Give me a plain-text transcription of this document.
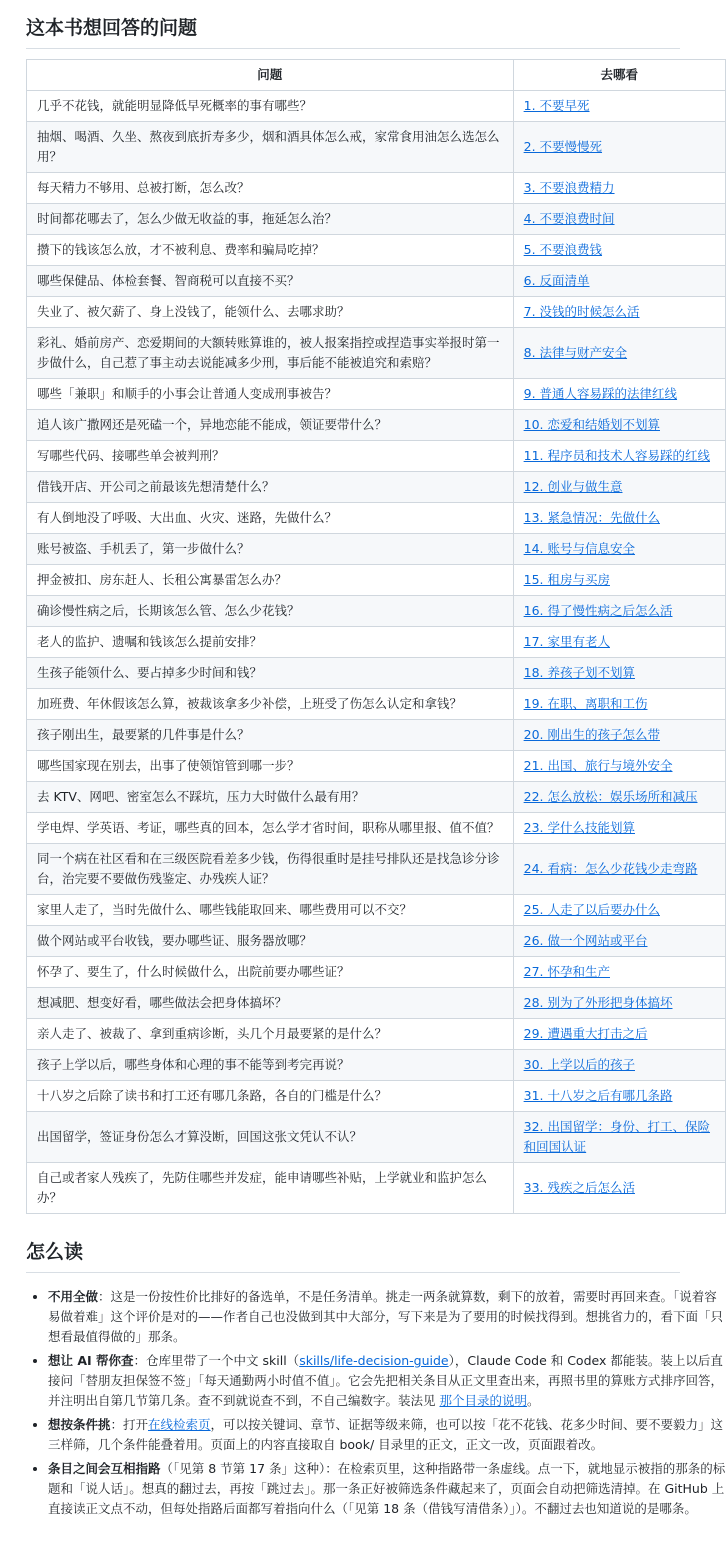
这本书想回答的问题
问题	去哪看
几乎不花钱，就能明显降低早死概率的事有哪些？	1. 不要早死
抽烟、喝酒、久坐、熬夜到底折寿多少，烟和酒具体怎么戒，家常食用油怎么选怎么用？	2. 不要慢慢死
每天精力不够用、总被打断，怎么改？	3. 不要浪费精力
时间都花哪去了，怎么少做无收益的事，拖延怎么治？	4. 不要浪费时间
攒下的钱该怎么放，才不被利息、费率和骗局吃掉？	5. 不要浪费钱
哪些保健品、体检套餐、智商税可以直接不买？	6. 反面清单
失业了、被欠薪了、身上没钱了，能领什么、去哪求助？	7. 没钱的时候怎么活
彩礼、婚前房产、恋爱期间的大额转账算谁的，被人报案指控或捏造事实举报时第一步做什么，自己惹了事主动去说能减多少刑，事后能不能被追究和索赔？	8. 法律与财产安全
哪些「兼职」和顺手的小事会让普通人变成刑事被告？	9. 普通人容易踩的法律红线
追人该广撒网还是死磕一个，异地恋能不能成，领证要带什么？	10. 恋爱和结婚划不划算
写哪些代码、接哪些单会被判刑？	11. 程序员和技术人容易踩的红线
借钱开店、开公司之前最该先想清楚什么？	12. 创业与做生意
有人倒地没了呼吸、大出血、火灾、迷路，先做什么？	13. 紧急情况：先做什么
账号被盗、手机丢了，第一步做什么？	14. 账号与信息安全
押金被扣、房东赶人、长租公寓暴雷怎么办？	15. 租房与买房
确诊慢性病之后，长期该怎么管、怎么少花钱？	16. 得了慢性病之后怎么活
老人的监护、遗嘱和钱该怎么提前安排？	17. 家里有老人
生孩子能领什么、要占掉多少时间和钱？	18. 养孩子划不划算
加班费、年休假该怎么算，被裁该拿多少补偿，上班受了伤怎么认定和拿钱？	19. 在职、离职和工伤
孩子刚出生，最要紧的几件事是什么？	20. 刚出生的孩子怎么带
哪些国家现在别去，出事了使领馆管到哪一步？	21. 出国、旅行与境外安全
去 KTV、网吧、密室怎么不踩坑，压力大时做什么最有用？	22. 怎么放松：娱乐场所和减压
学电焊、学英语、考证，哪些真的回本，怎么学才省时间，职称从哪里报、值不值？	23. 学什么技能划算
同一个病在社区看和在三级医院看差多少钱，伤得很重时是挂号排队还是找急诊分诊台，治完要不要做伤残鉴定、办残疾人证？	24. 看病：怎么少花钱少走弯路
家里人走了，当时先做什么、哪些钱能取回来、哪些费用可以不交？	25. 人走了以后要办什么
做个网站或平台收钱，要办哪些证、服务器放哪？	26. 做一个网站或平台
怀孕了、要生了，什么时候做什么，出院前要办哪些证？	27. 怀孕和生产
想减肥、想变好看，哪些做法会把身体搞坏？	28. 别为了外形把身体搞坏
亲人走了、被裁了、拿到重病诊断，头几个月最要紧的是什么？	29. 遭遇重大打击之后
孩子上学以后，哪些身体和心理的事不能等到考完再说？	30. 上学以后的孩子
十八岁之后除了读书和打工还有哪几条路，各自的门槛是什么？	31. 十八岁之后有哪几条路
出国留学，签证身份怎么才算没断，回国这张文凭认不认？	32. 出国留学：身份、打工、保险和回国认证
自己或者家人残疾了，先防住哪些并发症，能申请哪些补贴，上学就业和监护怎么办？	33. 残疾之后怎么活
怎么读
• 不用全做：这是一份按性价比排好的备选单，不是任务清单。挑走一两条就算数，剩下的放着，需要时再回来查。「说着容易做着难」这个评价是对的——作者自己也没做到其中大部分，写下来是为了要用的时候找得到。想挑省力的，看下面「只想看最值得做的」那条。
• 想让 AI 帮你查：仓库里带了一个中文 skill（skills/life-decision-guide），Claude Code 和 Codex 都能装。装上以后直接问「替朋友担保签不签」「每天通勤两小时值不值」。它会先把相关条目从正文里查出来，再照书里的算账方式排序回答，并注明出自第几节第几条。查不到就说查不到，不自己编数字。装法见 那个目录的说明。
• 想按条件挑：打开在线检索页，可以按关键词、章节、证据等级来筛，也可以按「花不花钱、花多少时间、要不要毅力」这三样筛，几个条件能叠着用。页面上的内容直接取自 book/ 目录里的正文，正文一改，页面跟着改。
• 条目之间会互相指路（「见第 8 节第 17 条」这种）：在检索页里，这种指路带一条虚线。点一下，就地显示被指的那条的标题和「说人话」。想真的翻过去，再按「跳过去」。那一条正好被筛选条件藏起来了，页面会自动把筛选清掉。在 GitHub 上直接读正文点不动，但每处指路后面都写着指向什么（「见第 18 条（借钱写清借条）」）。不翻过去也知道说的是哪条。
